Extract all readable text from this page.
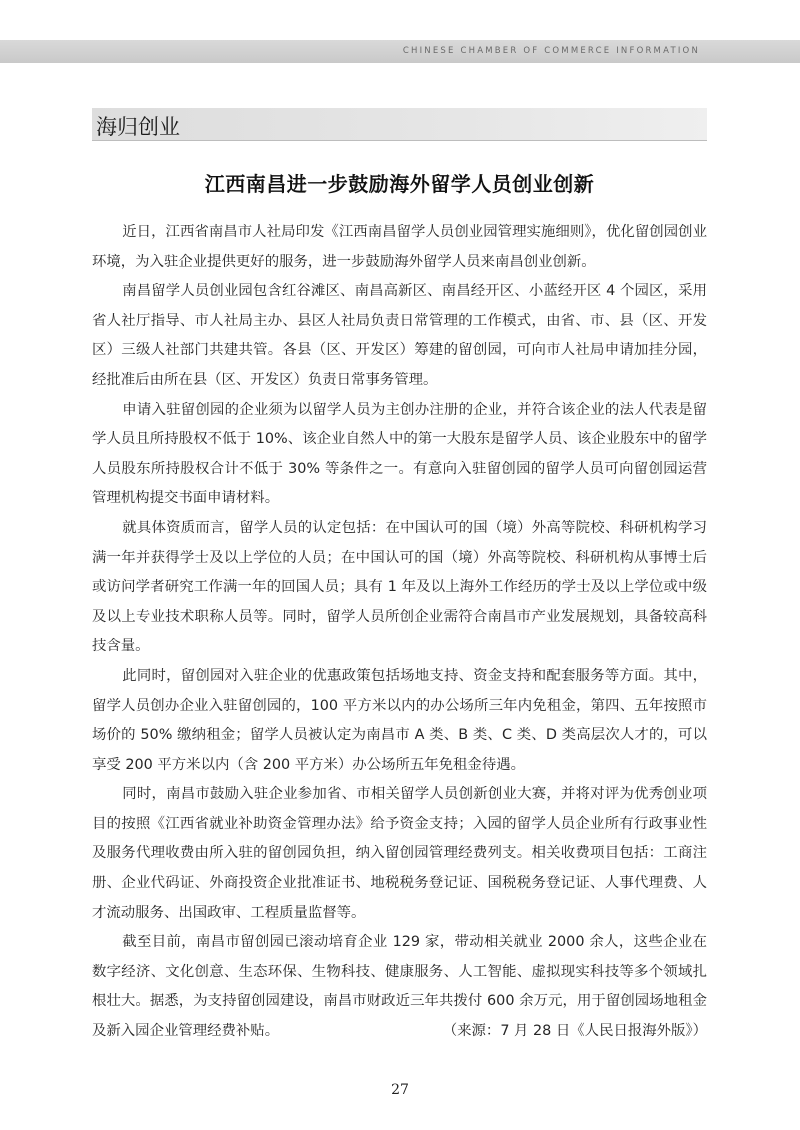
CHINESE CHAMBER OF COMMERCE INFORMATION
海归创业
江西南昌进一步鼓励海外留学人员创业创新

近日，江西省南昌市人社局印发《江西南昌留学人员创业园管理实施细则》，优化留创园创业环境，为入驻企业提供更好的服务，进一步鼓励海外留学人员来南昌创业创新。

南昌留学人员创业园包含红谷滩区、南昌高新区、南昌经开区、小蓝经开区 4 个园区，采用省人社厅指导、市人社局主办、县区人社局负责日常管理的工作模式，由省、市、县（区、开发区）三级人社部门共建共管。各县（区、开发区）筹建的留创园，可向市人社局申请加挂分园，经批准后由所在县（区、开发区）负责日常事务管理。

申请入驻留创园的企业须为以留学人员为主创办注册的企业，并符合该企业的法人代表是留学人员且所持股权不低于 10%、该企业自然人中的第一大股东是留学人员、该企业股东中的留学人员股东所持股权合计不低于 30% 等条件之一。有意向入驻留创园的留学人员可向留创园运营管理机构提交书面申请材料。

就具体资质而言，留学人员的认定包括：在中国认可的国（境）外高等院校、科研机构学习满一年并获得学士及以上学位的人员；在中国认可的国（境）外高等院校、科研机构从事博士后或访问学者研究工作满一年的回国人员；具有 1 年及以上海外工作经历的学士及以上学位或中级及以上专业技术职称人员等。同时，留学人员所创企业需符合南昌市产业发展规划，具备较高科技含量。

此同时，留创园对入驻企业的优惠政策包括场地支持、资金支持和配套服务等方面。其中，留学人员创办企业入驻留创园的，100 平方米以内的办公场所三年内免租金，第四、五年按照市场价的 50% 缴纳租金；留学人员被认定为南昌市 A 类、B 类、C 类、D 类高层次人才的，可以享受 200 平方米以内（含 200 平方米）办公场所五年免租金待遇。

同时，南昌市鼓励入驻企业参加省、市相关留学人员创新创业大赛，并将对评为优秀创业项目的按照《江西省就业补助资金管理办法》给予资金支持；入园的留学人员企业所有行政事业性及服务代理收费由所入驻的留创园负担，纳入留创园管理经费列支。相关收费项目包括：工商注册、企业代码证、外商投资企业批准证书、地税税务登记证、国税税务登记证、人事代理费、人才流动服务、出国政审、工程质量监督等。

截至目前，南昌市留创园已滚动培育企业 129 家，带动相关就业 2000 余人，这些企业在数字经济、文化创意、生态环保、生物科技、健康服务、人工智能、虚拟现实科技等多个领域扎根壮大。据悉，为支持留创园建设，南昌市财政近三年共拨付 600 余万元，用于留创园场地租金及新入园企业管理经费补贴。	（来源：7 月 28 日《人民日报海外版》）

27
